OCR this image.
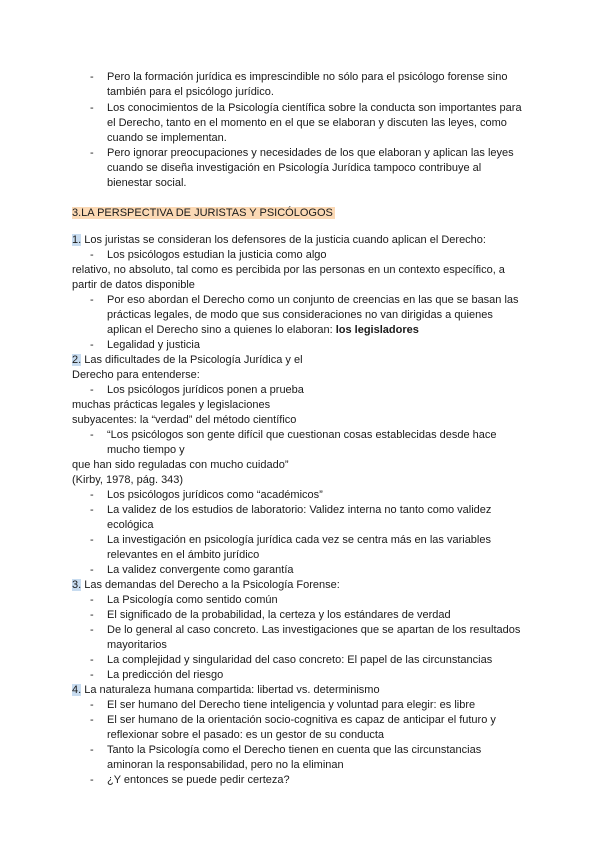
-	Pero la formación jurídica es imprescindible no sólo para el psicólogo forense sino
también para el psicólogo jurídico.
-	Los conocimientos de la Psicología científica sobre la conducta son importantes para
el Derecho, tanto en el momento en el que se elaboran y discuten las leyes, como
cuando se implementan.
-	Pero ignorar preocupaciones y necesidades de los que elaboran y aplican las leyes
cuando se diseña investigación en Psicología Jurídica tampoco contribuye al
bienestar social.
3.LA PERSPECTIVA DE JURISTAS Y PSICÓLOGOS
1. Los juristas se consideran los defensores de la justicia cuando aplican el Derecho:
-	Los psicólogos estudian la justicia como algo
relativo, no absoluto, tal como es percibida por las personas en un contexto específico, a
partir de datos disponible
-	Por eso abordan el Derecho como un conjunto de creencias en las que se basan las
prácticas legales, de modo que sus consideraciones no van dirigidas a quienes
aplican el Derecho sino a quienes lo elaboran: los legisladores
-	Legalidad y justicia
2. Las dificultades de la Psicología Jurídica y el
Derecho para entenderse:
-	Los psicólogos jurídicos ponen a prueba
muchas prácticas legales y legislaciones
subyacentes: la “verdad” del método científico
-	“Los psicólogos son gente difícil que cuestionan cosas establecidas desde hace
mucho tiempo y
que han sido reguladas con mucho cuidado”
(Kirby, 1978, pág. 343)
-	Los psicólogos jurídicos como “académicos”
-	La validez de los estudios de laboratorio: Validez interna no tanto como validez
ecológica
-	La investigación en psicología jurídica cada vez se centra más en las variables
relevantes en el ámbito jurídico
-	La validez convergente como garantía
3. Las demandas del Derecho a la Psicología Forense:
-	La Psicología como sentido común
-	El significado de la probabilidad, la certeza y los estándares de verdad
-	De lo general al caso concreto. Las investigaciones que se apartan de los resultados
mayoritarios
-	La complejidad y singularidad del caso concreto: El papel de las circunstancias
-	La predicción del riesgo
4. La naturaleza humana compartida: libertad vs. determinismo
-	El ser humano del Derecho tiene inteligencia y voluntad para elegir: es libre
-	El ser humano de la orientación socio-cognitiva es capaz de anticipar el futuro y
reflexionar sobre el pasado: es un gestor de su conducta
-	Tanto la Psicología como el Derecho tienen en cuenta que las circunstancias
aminoran la responsabilidad, pero no la eliminan
-	¿Y entonces se puede pedir certeza?
